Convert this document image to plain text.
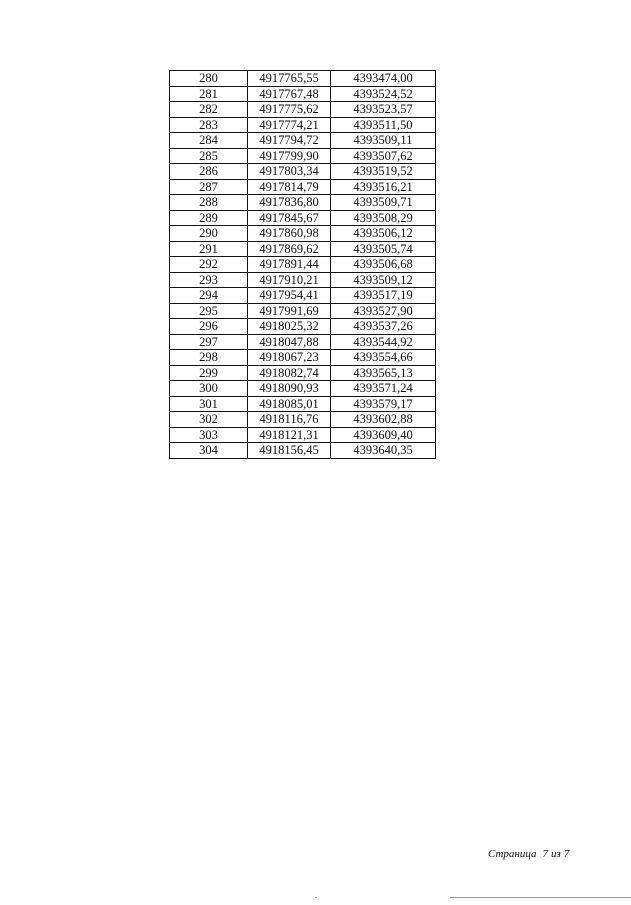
280	4917765,55	4393474,00
281	4917767,48	4393524,52
282	4917775,62	4393523,57
283	4917774,21	4393511,50
284	4917794,72	4393509,11
285	4917799,90	4393507,62
286	4917803,34	4393519,52
287	4917814,79	4393516,21
288	4917836,80	4393509,71
289	4917845,67	4393508,29
290	4917860,98	4393506,12
291	4917869,62	4393505,74
292	4917891,44	4393506,68
293	4917910,21	4393509,12
294	4917954,41	4393517,19
295	4917991,69	4393527,90
296	4918025,32	4393537,26
297	4918047,88	4393544,92
298	4918067,23	4393554,66
299	4918082,74	4393565,13
300	4918090,93	4393571,24
301	4918085,01	4393579,17
302	4918116,76	4393602,88
303	4918121,31	4393609,40
304	4918156,45	4393640,35
Страница 7 из 7
